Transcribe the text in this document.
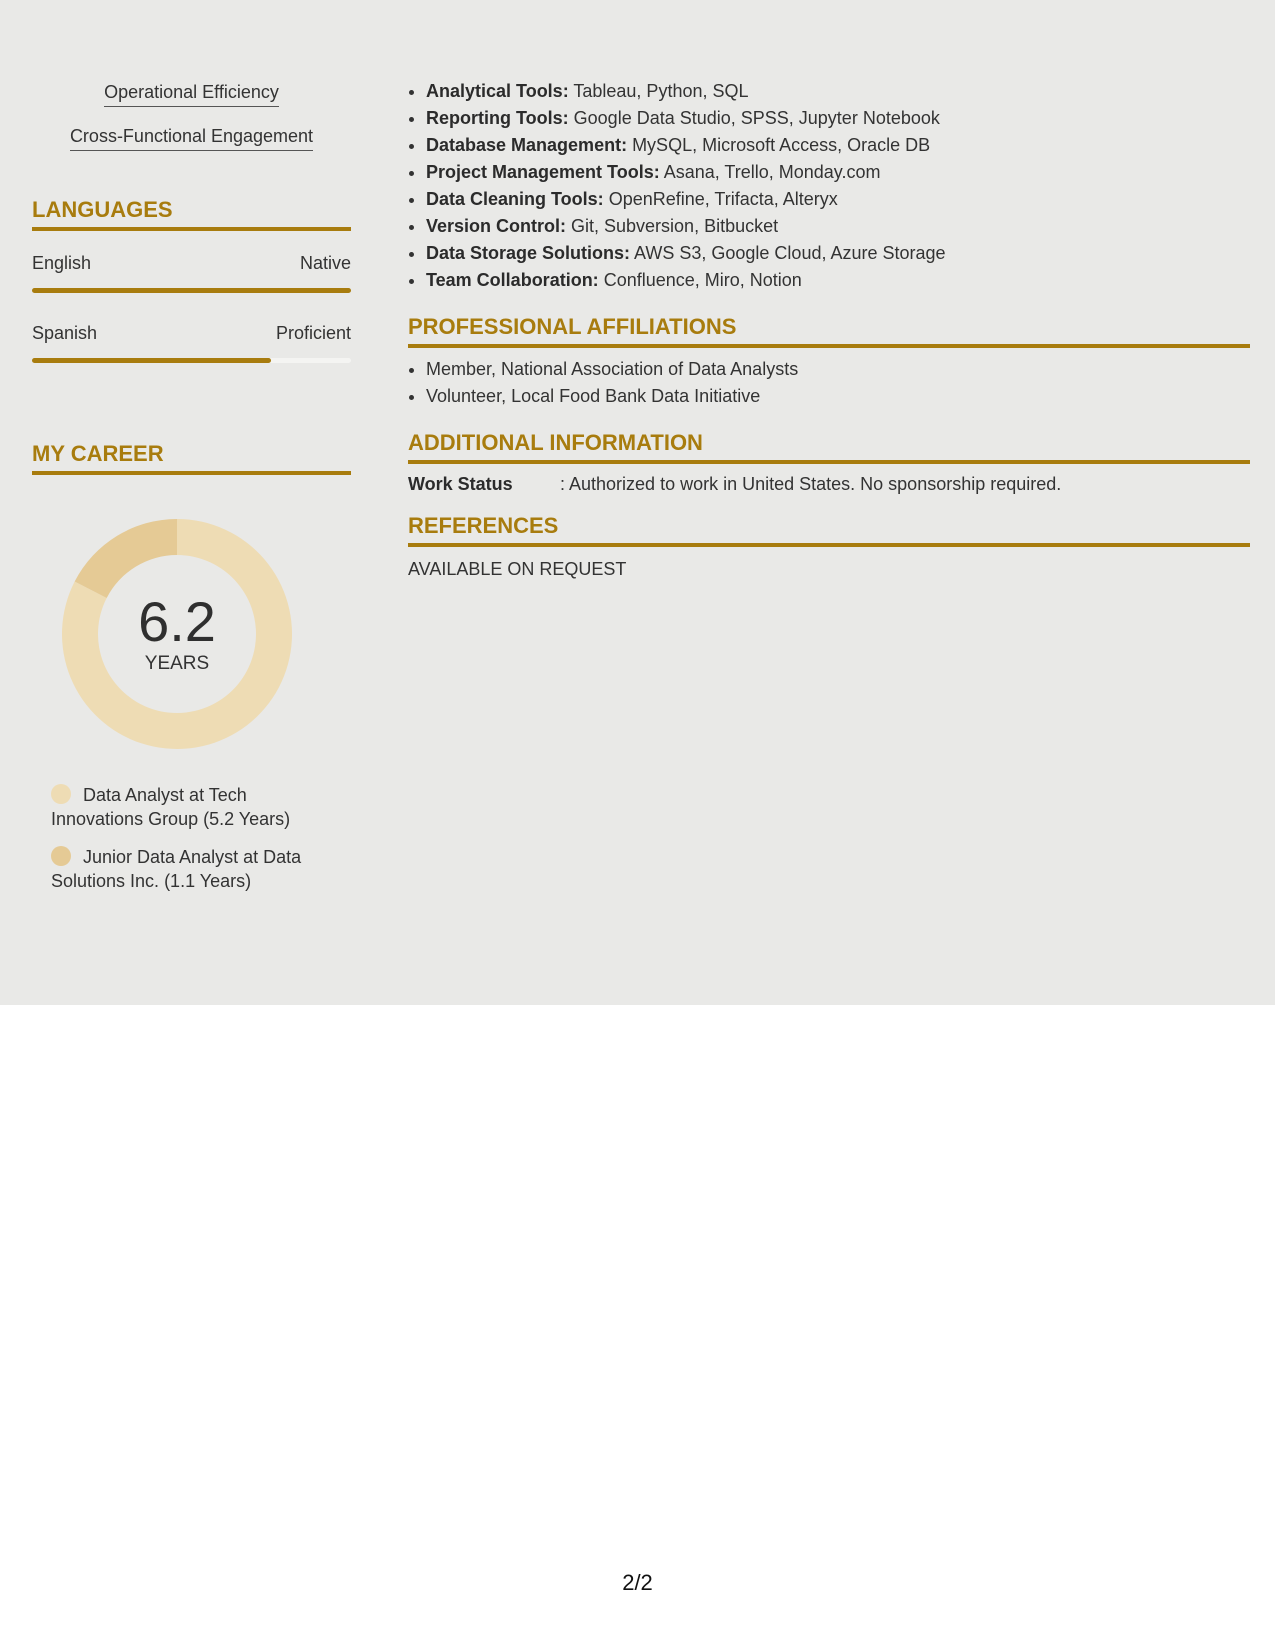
Operational Efficiency
Cross-Functional Engagement
LANGUAGES
English	Native
Spanish	Proficient
MY CAREER
6.2
YEARS
Data Analyst at Tech Innovations Group (5.2 Years)
Junior Data Analyst at Data Solutions Inc. (1.1 Years)
• Analytical Tools: Tableau, Python, SQL
• Reporting Tools: Google Data Studio, SPSS, Jupyter Notebook
• Database Management: MySQL, Microsoft Access, Oracle DB
• Project Management Tools: Asana, Trello, Monday.com
• Data Cleaning Tools: OpenRefine, Trifacta, Alteryx
• Version Control: Git, Subversion, Bitbucket
• Data Storage Solutions: AWS S3, Google Cloud, Azure Storage
• Team Collaboration: Confluence, Miro, Notion
PROFESSIONAL AFFILIATIONS
• Member, National Association of Data Analysts
• Volunteer, Local Food Bank Data Initiative
ADDITIONAL INFORMATION
Work Status	: Authorized to work in United States. No sponsorship required.
REFERENCES
AVAILABLE ON REQUEST
2/2
